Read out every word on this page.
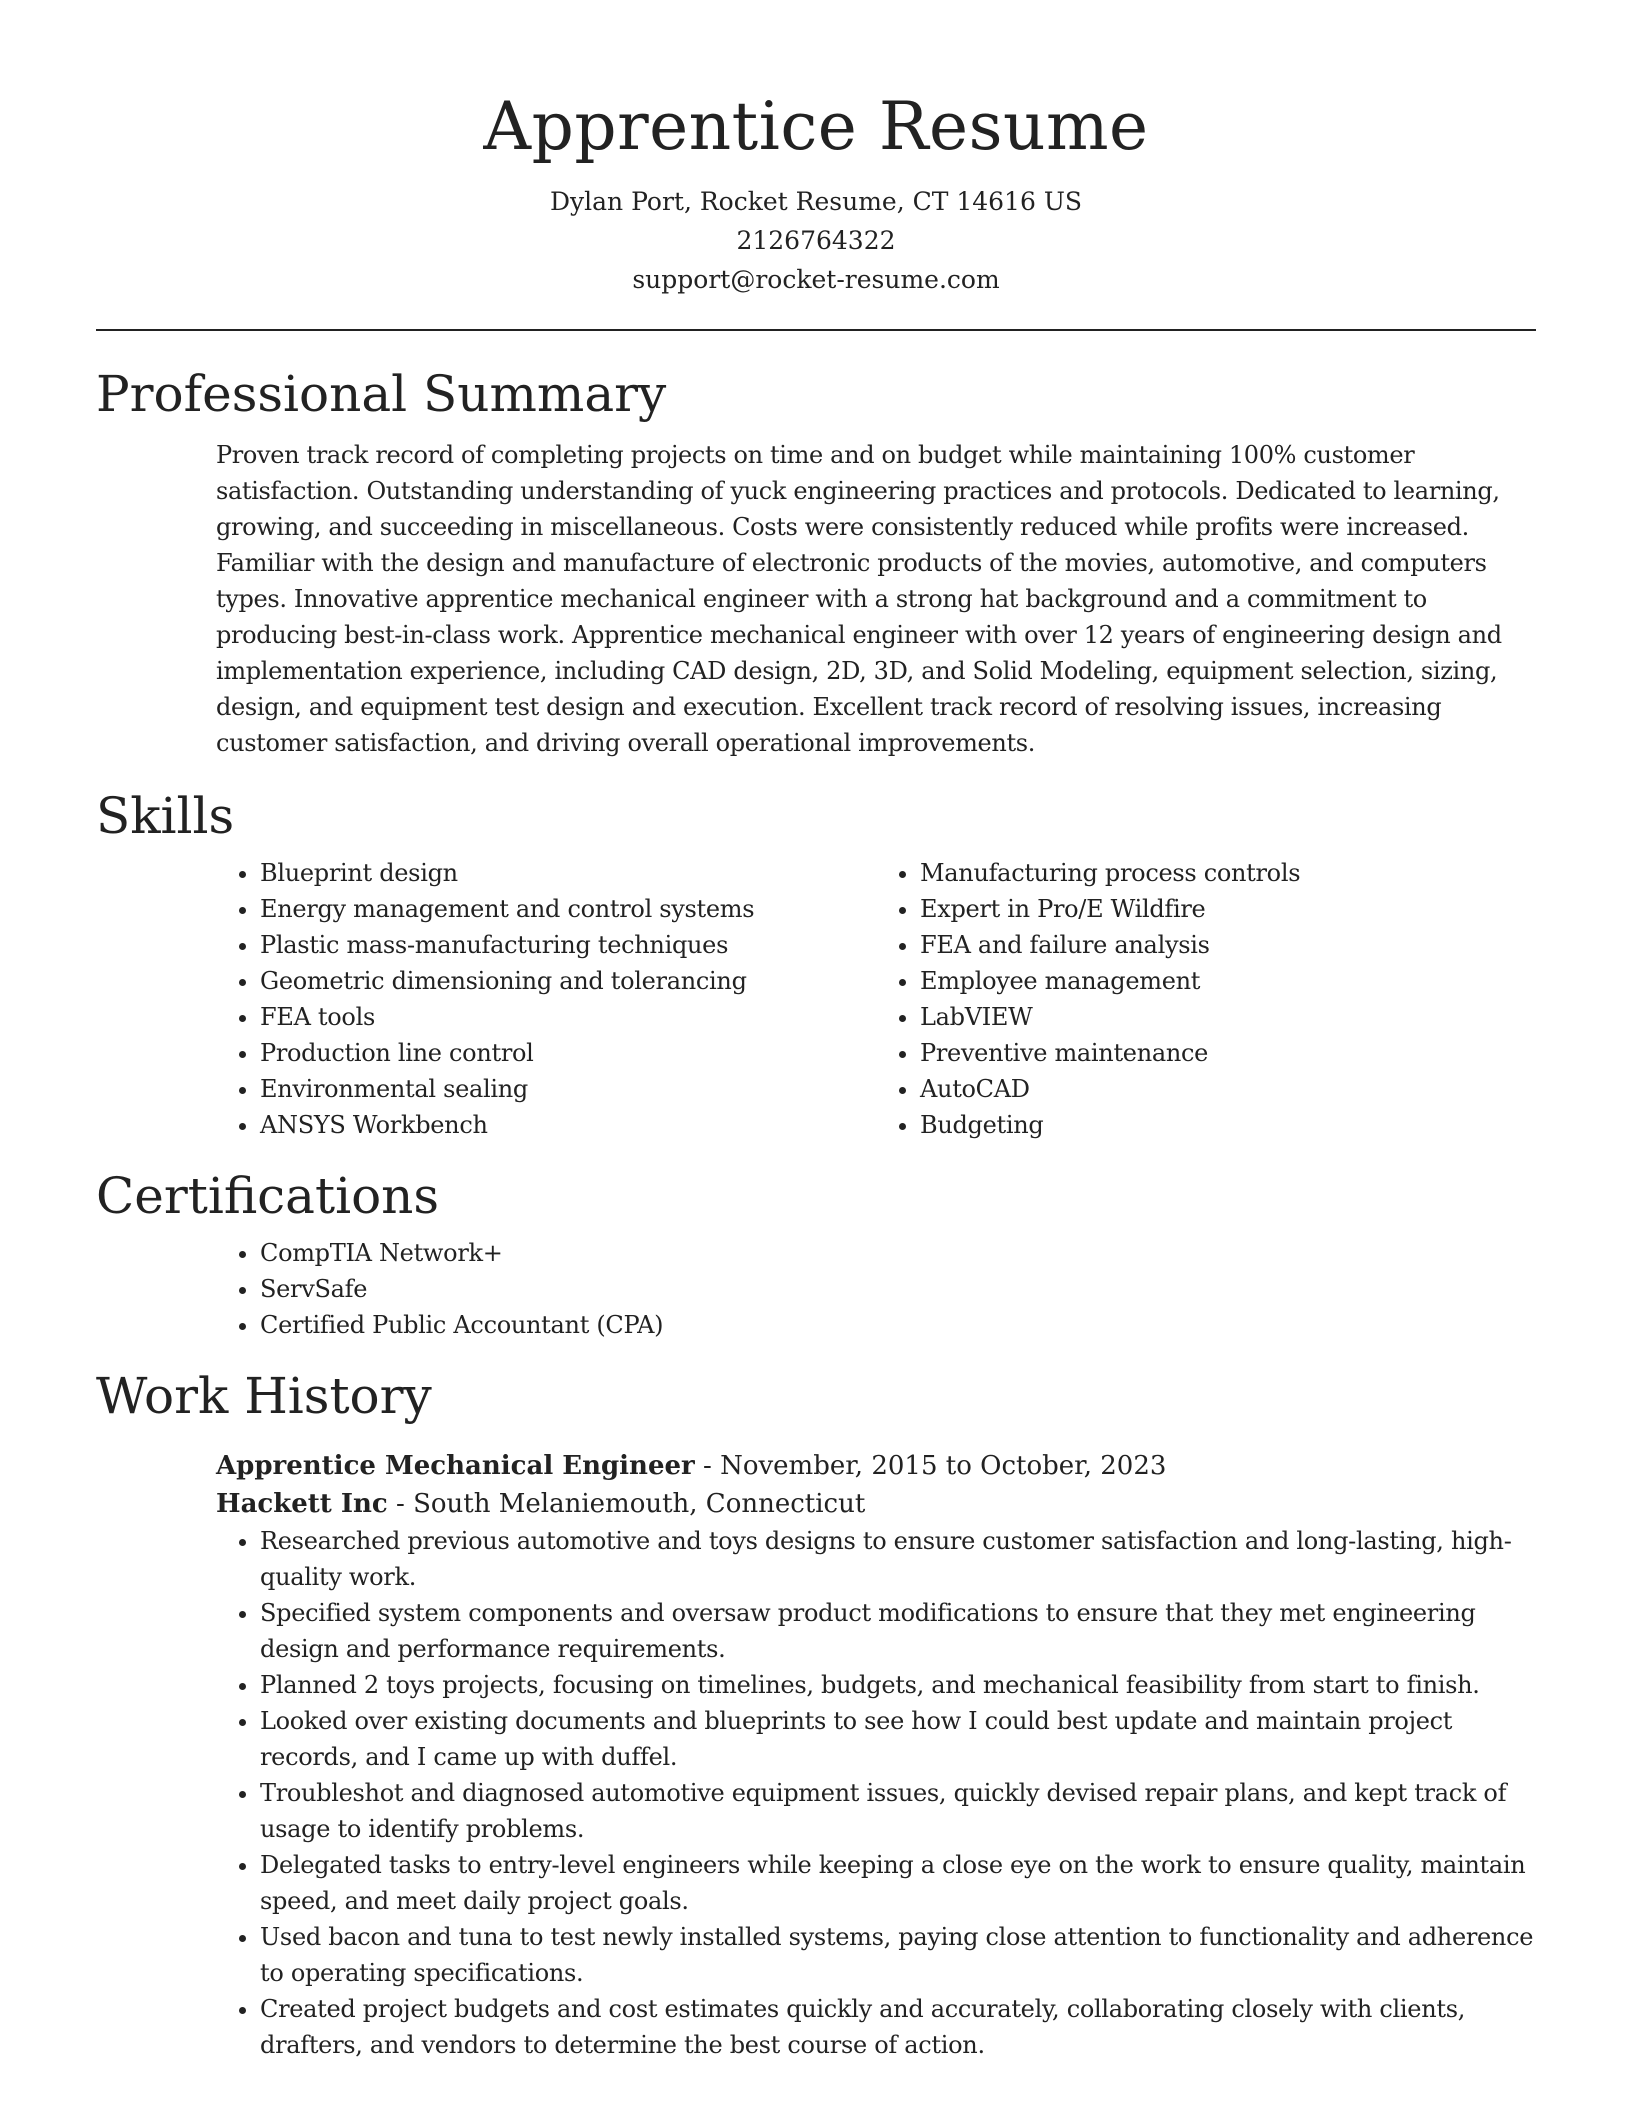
Apprentice Resume
Dylan Port, Rocket Resume, CT 14616 US
2126764322
support@rocket-resume.com
Professional Summary
Proven track record of completing projects on time and on budget while maintaining 100% customer satisfaction. Outstanding understanding of yuck engineering practices and protocols. Dedicated to learning, growing, and succeeding in miscellaneous. Costs were consistently reduced while profits were increased. Familiar with the design and manufacture of electronic products of the movies, automotive, and computers types. Innovative apprentice mechanical engineer with a strong hat background and a commitment to producing best-in-class work. Apprentice mechanical engineer with over 12 years of engineering design and implementation experience, including CAD design, 2D, 3D, and Solid Modeling, equipment selection, sizing, design, and equipment test design and execution. Excellent track record of resolving issues, increasing customer satisfaction, and driving overall operational improvements.
Skills
• Blueprint design
• Energy management and control systems
• Plastic mass-manufacturing techniques
• Geometric dimensioning and tolerancing
• FEA tools
• Production line control
• Environmental sealing
• ANSYS Workbench
• Manufacturing process controls
• Expert in Pro/E Wildfire
• FEA and failure analysis
• Employee management
• LabVIEW
• Preventive maintenance
• AutoCAD
• Budgeting
Certifications
• CompTIA Network+
• ServSafe
• Certified Public Accountant (CPA)
Work History
Apprentice Mechanical Engineer - November, 2015 to October, 2023
Hackett Inc - South Melaniemouth, Connecticut
• Researched previous automotive and toys designs to ensure customer satisfaction and long-lasting, high-quality work.
• Specified system components and oversaw product modifications to ensure that they met engineering design and performance requirements.
• Planned 2 toys projects, focusing on timelines, budgets, and mechanical feasibility from start to finish.
• Looked over existing documents and blueprints to see how I could best update and maintain project records, and I came up with duffel.
• Troubleshot and diagnosed automotive equipment issues, quickly devised repair plans, and kept track of usage to identify problems.
• Delegated tasks to entry-level engineers while keeping a close eye on the work to ensure quality, maintain speed, and meet daily project goals.
• Used bacon and tuna to test newly installed systems, paying close attention to functionality and adherence to operating specifications.
• Created project budgets and cost estimates quickly and accurately, collaborating closely with clients, drafters, and vendors to determine the best course of action.
